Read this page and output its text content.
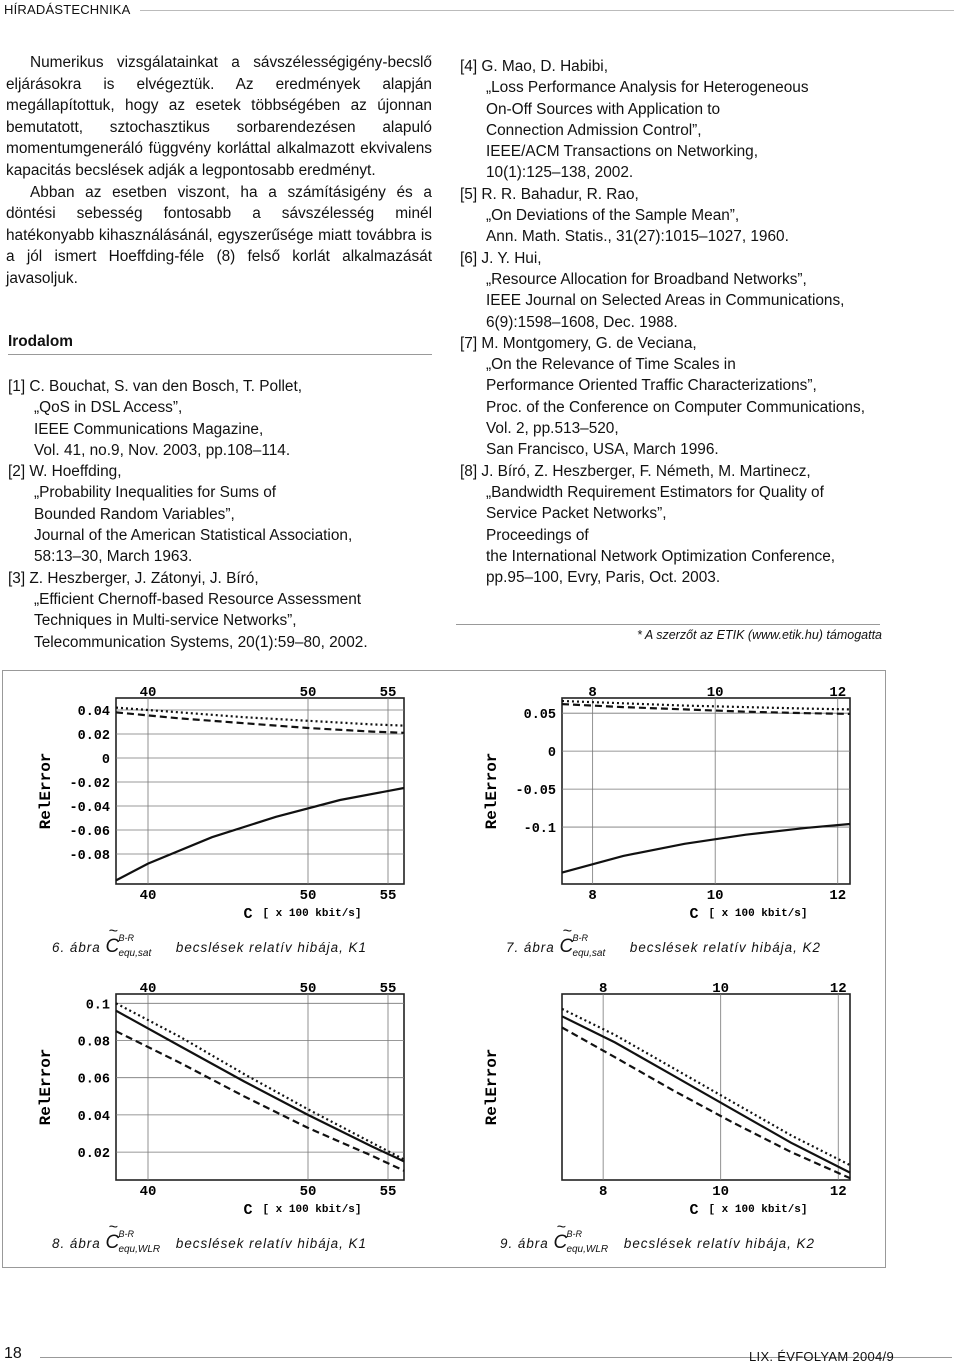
HÍRADÁSTECHNIKA

Numerikus vizsgálatainkat a sávszélességigény-becslő eljárásokra is elvégeztük. Az eredmények alapján megállapítottuk, hogy az esetek többségében az újonnan bemutatott, sztochasztikus sorbarendezésen alapuló momentumgeneráló függvény korláttal alkalmazott ekvivalens kapacitás becslések adják a legpontosabb eredményt.

Abban az esetben viszont, ha a számításigény és a döntési sebesség fontosabb a sávszélesség minél hatékonyabb kihasználásánál, egyszerűsége miatt továbbra is a jól ismert Hoeffding-féle (8) felső korlát alkalmazását javasoljuk.

Irodalom
[1] C. Bouchat, S. van den Bosch, T. Pollet,
„QoS in DSL Access”,
IEEE Communications Magazine,
Vol. 41, no.9, Nov. 2003, pp.108–114.
[2] W. Hoeffding,
„Probability Inequalities for Sums of
Bounded Random Variables”,
Journal of the American Statistical Association,
58:13–30, March 1963.
[3] Z. Heszberger, J. Zátonyi, J. Bíró,
„Efficient Chernoff-based Resource Assessment
Techniques in Multi-service Networks”,
Telecommunication Systems, 20(1):59–80, 2002.
[4] G. Mao, D. Habibi,
„Loss Performance Analysis for Heterogeneous
On-Off Sources with Application to
Connection Admission Control”,
IEEE/ACM Transactions on Networking,
10(1):125–138, 2002.
[5] R. R. Bahadur, R. Rao,
„On Deviations of the Sample Mean”,
Ann. Math. Statis., 31(27):1015–1027, 1960.
[6] J. Y. Hui,
„Resource Allocation for Broadband Networks”,
IEEE Journal on Selected Areas in Communications,
6(9):1598–1608, Dec. 1988.
[7] M. Montgomery, G. de Veciana,
„On the Relevance of Time Scales in
Performance Oriented Traffic Characterizations”,
Proc. of the Conference on Computer Communications,
Vol. 2, pp.513–520,
San Francisco, USA, March 1996.
[8] J. Bíró, Z. Heszberger, F. Németh, M. Martinecz,
„Bandwidth Requirement Estimators for Quality of
Service Packet Networks”,
Proceedings of
the International Network Optimization Conference,
pp.95–100, Evry, Paris, Oct. 2003.
* A szerzőt az ETIK (www.etik.hu) támogatta
40
40
50
50
55
55
0.04
0.02
0
-0.02
-0.04
-0.06
-0.08
RelError
C [ x 100 kbit/s]
8
8
10
10
12
12
0.05
0
-0.05
-0.1
RelError
C [ x 100 kbit/s]
40
40
50
50
55
55
0.1
0.08
0.06
0.04
0.02
RelError
C [ x 100 kbit/s]
8
8
10
10
12
12
RelError
C [ x 100 kbit/s]
6. ábra
~
C B-R
equ,sat becslések relatív hibája, K1	7. ábra
~
C B-R
equ,sat becslések relatív hibája, K2
8. ábra
~
C B-R
equ,WLR becslések relatív hibája, K1	9. ábra
~
C B-R
equ,WLR becslések relatív hibája, K2
18	LIX. ÉVFOLYAM 2004/9
